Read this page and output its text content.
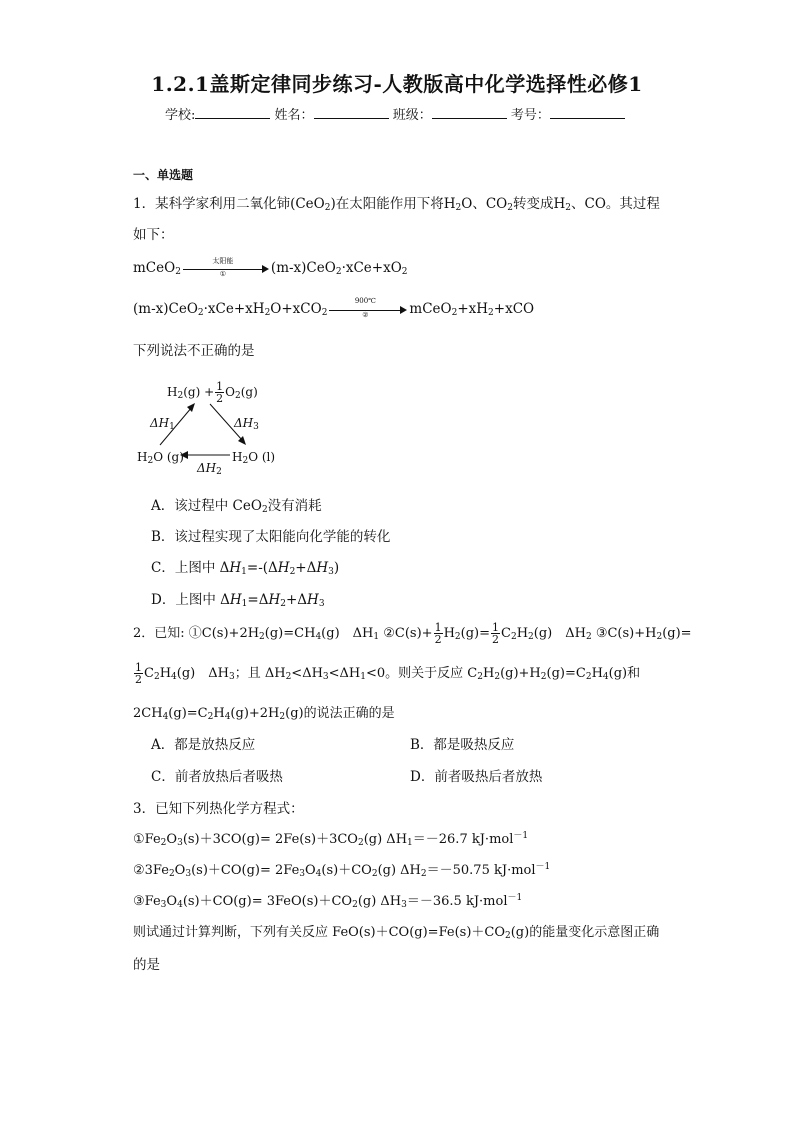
1.2.1盖斯定律同步练习-人教版高中化学选择性必修1
学校:	姓名：	班级：	考号：
一、单选题
1．某科学家利用二氧化铈(CeO$_2$)在太阳能作用下将$H_2O$、$CO_2$转变成$H_2$、CO。其过程
如下：
mCeO$_2$
太阳能
①	$(m-x)CeO_2\cdot xCe+xO_2$
$(m-x)CeO_2\cdot xCe+xH_2O+xCO_2$
900℃
②	$mCeO_2+xH_2+xCO$
下列说法不正确的是
$H_2(g) + \frac{1}{2} O_2(g)$
$\Delta H_1$	$\Delta H_3$
$H_2O$ (g)	$H_2O$ (l)
$\Delta H_2$
A．该过程中 CeO$_2$没有消耗
B．该过程实现了太阳能向化学能的转化
C．上图中 $\Delta H_1=-(\Delta H_2+\Delta H_3)$
D．上图中 $\Delta H_1=\Delta H_2+\Delta H_3$
2．已知: $①C(s)+2H_2(g)=CH_4(g)$　$\Delta H_1$ ②C(s)+ $\frac{1}{2} H_2(g)= \frac{1}{2} C_2H_2(g)$　$\Delta H_2$ $③C(s)+H_2(g)=$
$\frac{1}{2} C_2H_4(g)$　$\Delta H_3$；且 $\Delta H_2<\Delta H_3<\Delta H_1<0$。则关于反应 $C_2H_2(g)+H_2(g)=C_2H_4(g)$和
$2CH_4(g)=C_2H_4(g)+2H_2(g)$的说法正确的是
A．都是放热反应	B．都是吸热反应
C．前者放热后者吸热	D．前者吸热后者放热
3．已知下列热化学方程式：
$①Fe_2O_3(s)+3CO(g)= 2Fe(s)+3CO_2(g)$ $\Delta H_1=-26.7$ kJ·mol$^{-1}$
$②3Fe_2O_3(s)+CO(g)= 2Fe_3O_4(s)+CO_2(g)$ $\Delta H_2=-50.75$ kJ·mol$^{-1}$
$③Fe_3O_4(s)+CO(g)= 3FeO(s)+CO_2(g)$ $\Delta H_3=-36.5$ kJ·mol$^{-1}$
则试通过计算判断，下列有关反应 $FeO(s)+CO(g)=Fe(s)+CO_2(g)$的能量变化示意图正确
的是
